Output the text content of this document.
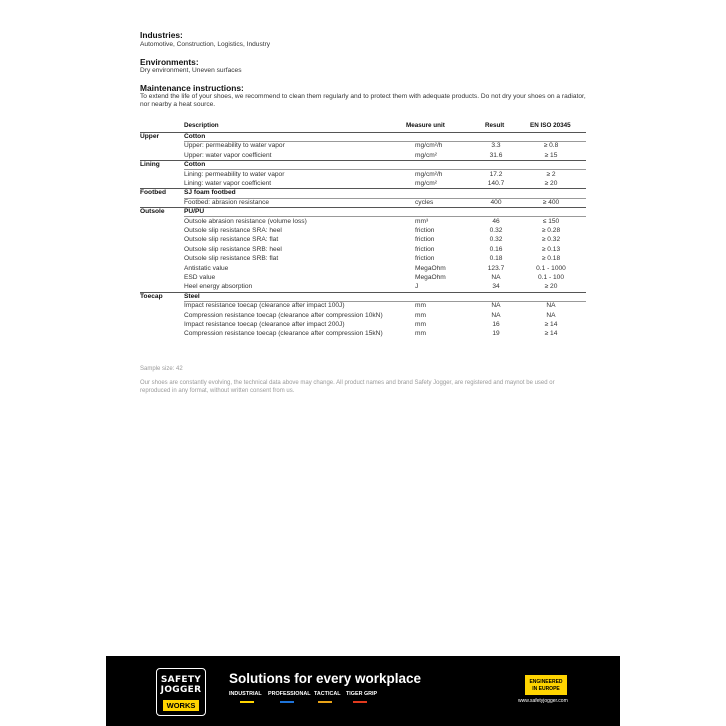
Industries:
Automotive, Construction, Logistics, Industry
Environments:
Dry environment, Uneven surfaces
Maintenance instructions:
To extend the life of your shoes, we recommend to clean them regularly and to protect them with adequate products. Do not dry your shoes on a radiator, nor nearby a heat source.
Description	Measure unit	Result	EN ISO 20345
Upper	Cotton
Upper: permeability to water vapor	mg/cm²/h	3.3	≥ 0.8
Upper: water vapor coefficient	mg/cm²	31.6	≥ 15
Lining	Cotton
Lining: permeability to water vapor	mg/cm²/h	17.2	≥ 2
Lining: water vapor coefficient	mg/cm²	140.7	≥ 20
Footbed	SJ foam footbed
Footbed: abrasion resistance	cycles	400	≥ 400
Outsole	PU/PU
Outsole abrasion resistance (volume loss)	mm³	46	≤ 150
Outsole slip resistance SRA: heel	friction	0.32	≥ 0.28
Outsole slip resistance SRA: flat	friction	0.32	≥ 0.32
Outsole slip resistance SRB: heel	friction	0.16	≥ 0.13
Outsole slip resistance SRB: flat	friction	0.18	≥ 0.18
Antistatic value	MegaOhm	123.7	0.1 - 1000
ESD value	MegaOhm	NA	0.1 - 100
Heel energy absorption	J	34	≥ 20
Toecap	Steel
Impact resistance toecap (clearance after impact 100J)	mm	NA	NA
Compression resistance toecap (clearance after compression 10kN)	mm	NA	NA
Impact resistance toecap (clearance after impact 200J)	mm	16	≥ 14
Compression resistance toecap (clearance after compression 15kN)	mm	19	≥ 14
Sample size: 42
Our shoes are constantly evolving, the technical data above may change. All product names and brand Safety Jogger, are registered and maynot be used or
reproduced in any format, without written consent from us.
SAFETY
JOGGER
WORKS
Solutions for every workplace
INDUSTRIAL PROFESSIONAL TACTICAL TIGER GRIP
ENGINEERED
IN EUROPE
www.safetyjogger.com
